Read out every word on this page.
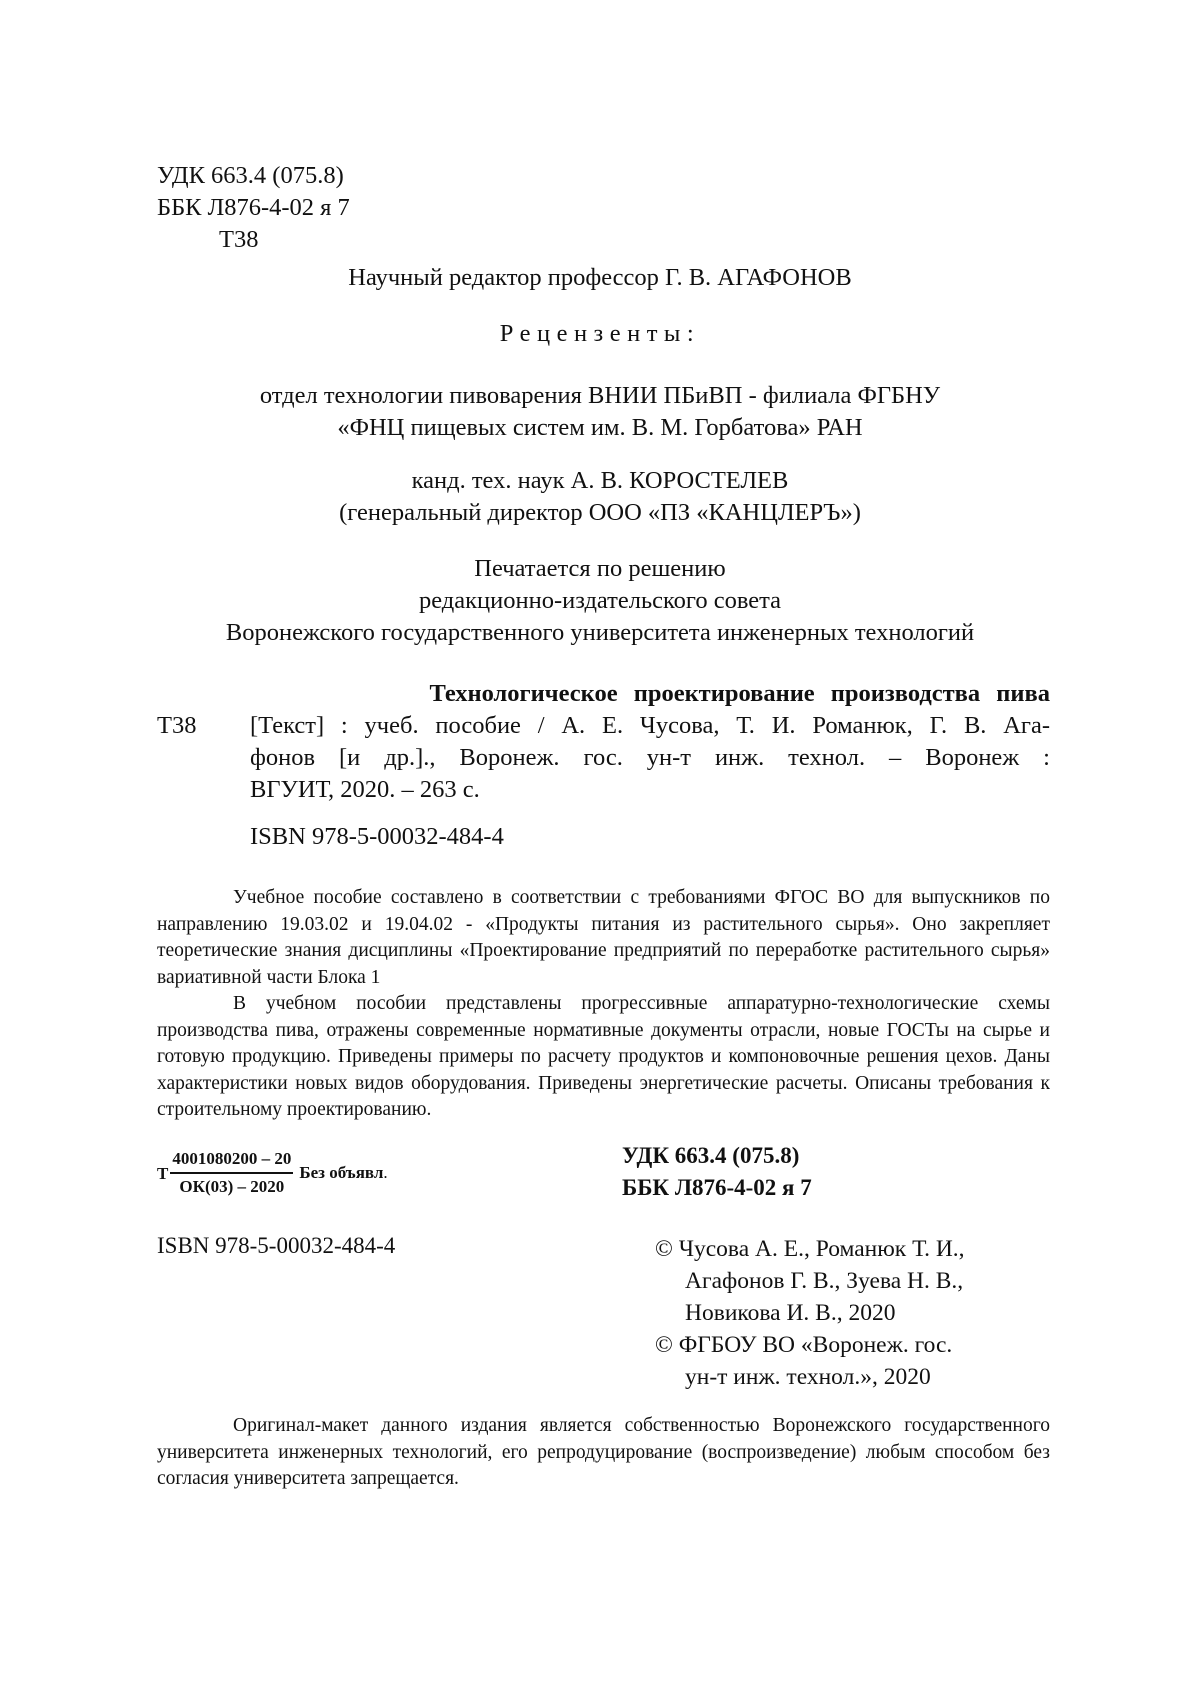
УДК 663.4 (075.8)
ББК Л876-4-02 я 7
Т38
Научный редактор профессор Г. В. АГАФОНОВ
Рецензенты:
отдел технологии пивоварения ВНИИ ПБиВП - филиала ФГБНУ
«ФНЦ пищевых систем им. В. М. Горбатова» РАН
канд. тех. наук А. В. КОРОСТЕЛЕВ
(генеральный директор ООО «ПЗ «КАНЦЛЕРЪ»)
Печатается по решению
редакционно-издательского совета
Воронежского государственного университета инженерных технологий
Т38
Технологическое проектирование производства пива
[Текст] : учеб. пособие / А. Е. Чусова, Т. И. Романюк, Г. В. Ага-
фонов [и др.]., Воронеж. гос. ун-т инж. технол. – Воронеж :
ВГУИТ, 2020. – 263 с.
ISBN 978-5-00032-484-4

Учебное пособие составлено в соответствии с требованиями ФГОС ВО для выпускников по направлению 19.03.02 и 19.04.02 - «Продукты питания из растительного сырья». Оно закрепляет теоретические знания дисциплины «Проектирование предприятий по переработке растительного сырья» вариативной части Блока 1

В учебном пособии представлены прогрессивные аппаратурно-технологические схемы производства пива, отражены современные нормативные документы отрасли, новые ГОСТы на сырье и готовую продукцию. Приведены примеры по расчету продуктов и компоновочные решения цехов. Даны характеристики новых видов оборудования. Приведены энергетические расчеты. Описаны требования к строительному проектированию.

Т $\frac{4001080200 - 20}{ОК(03) - 2020}$ Без объявл.
УДК 663.4 (075.8)
ББК Л876-4-02 я 7
ISBN 978-5-00032-484-4	© Чусова А. Е., Романюк Т. И.,
Агафонов Г. В., Зуева Н. В.,
Новикова И. В., 2020
© ФГБОУ ВО «Воронеж. гос.
ун-т инж. технол.», 2020

Оригинал-макет данного издания является собственностью Воронежского государственного университета инженерных технологий, его репродуцирование (воспроизведение) любым способом без согласия университета запрещается.
